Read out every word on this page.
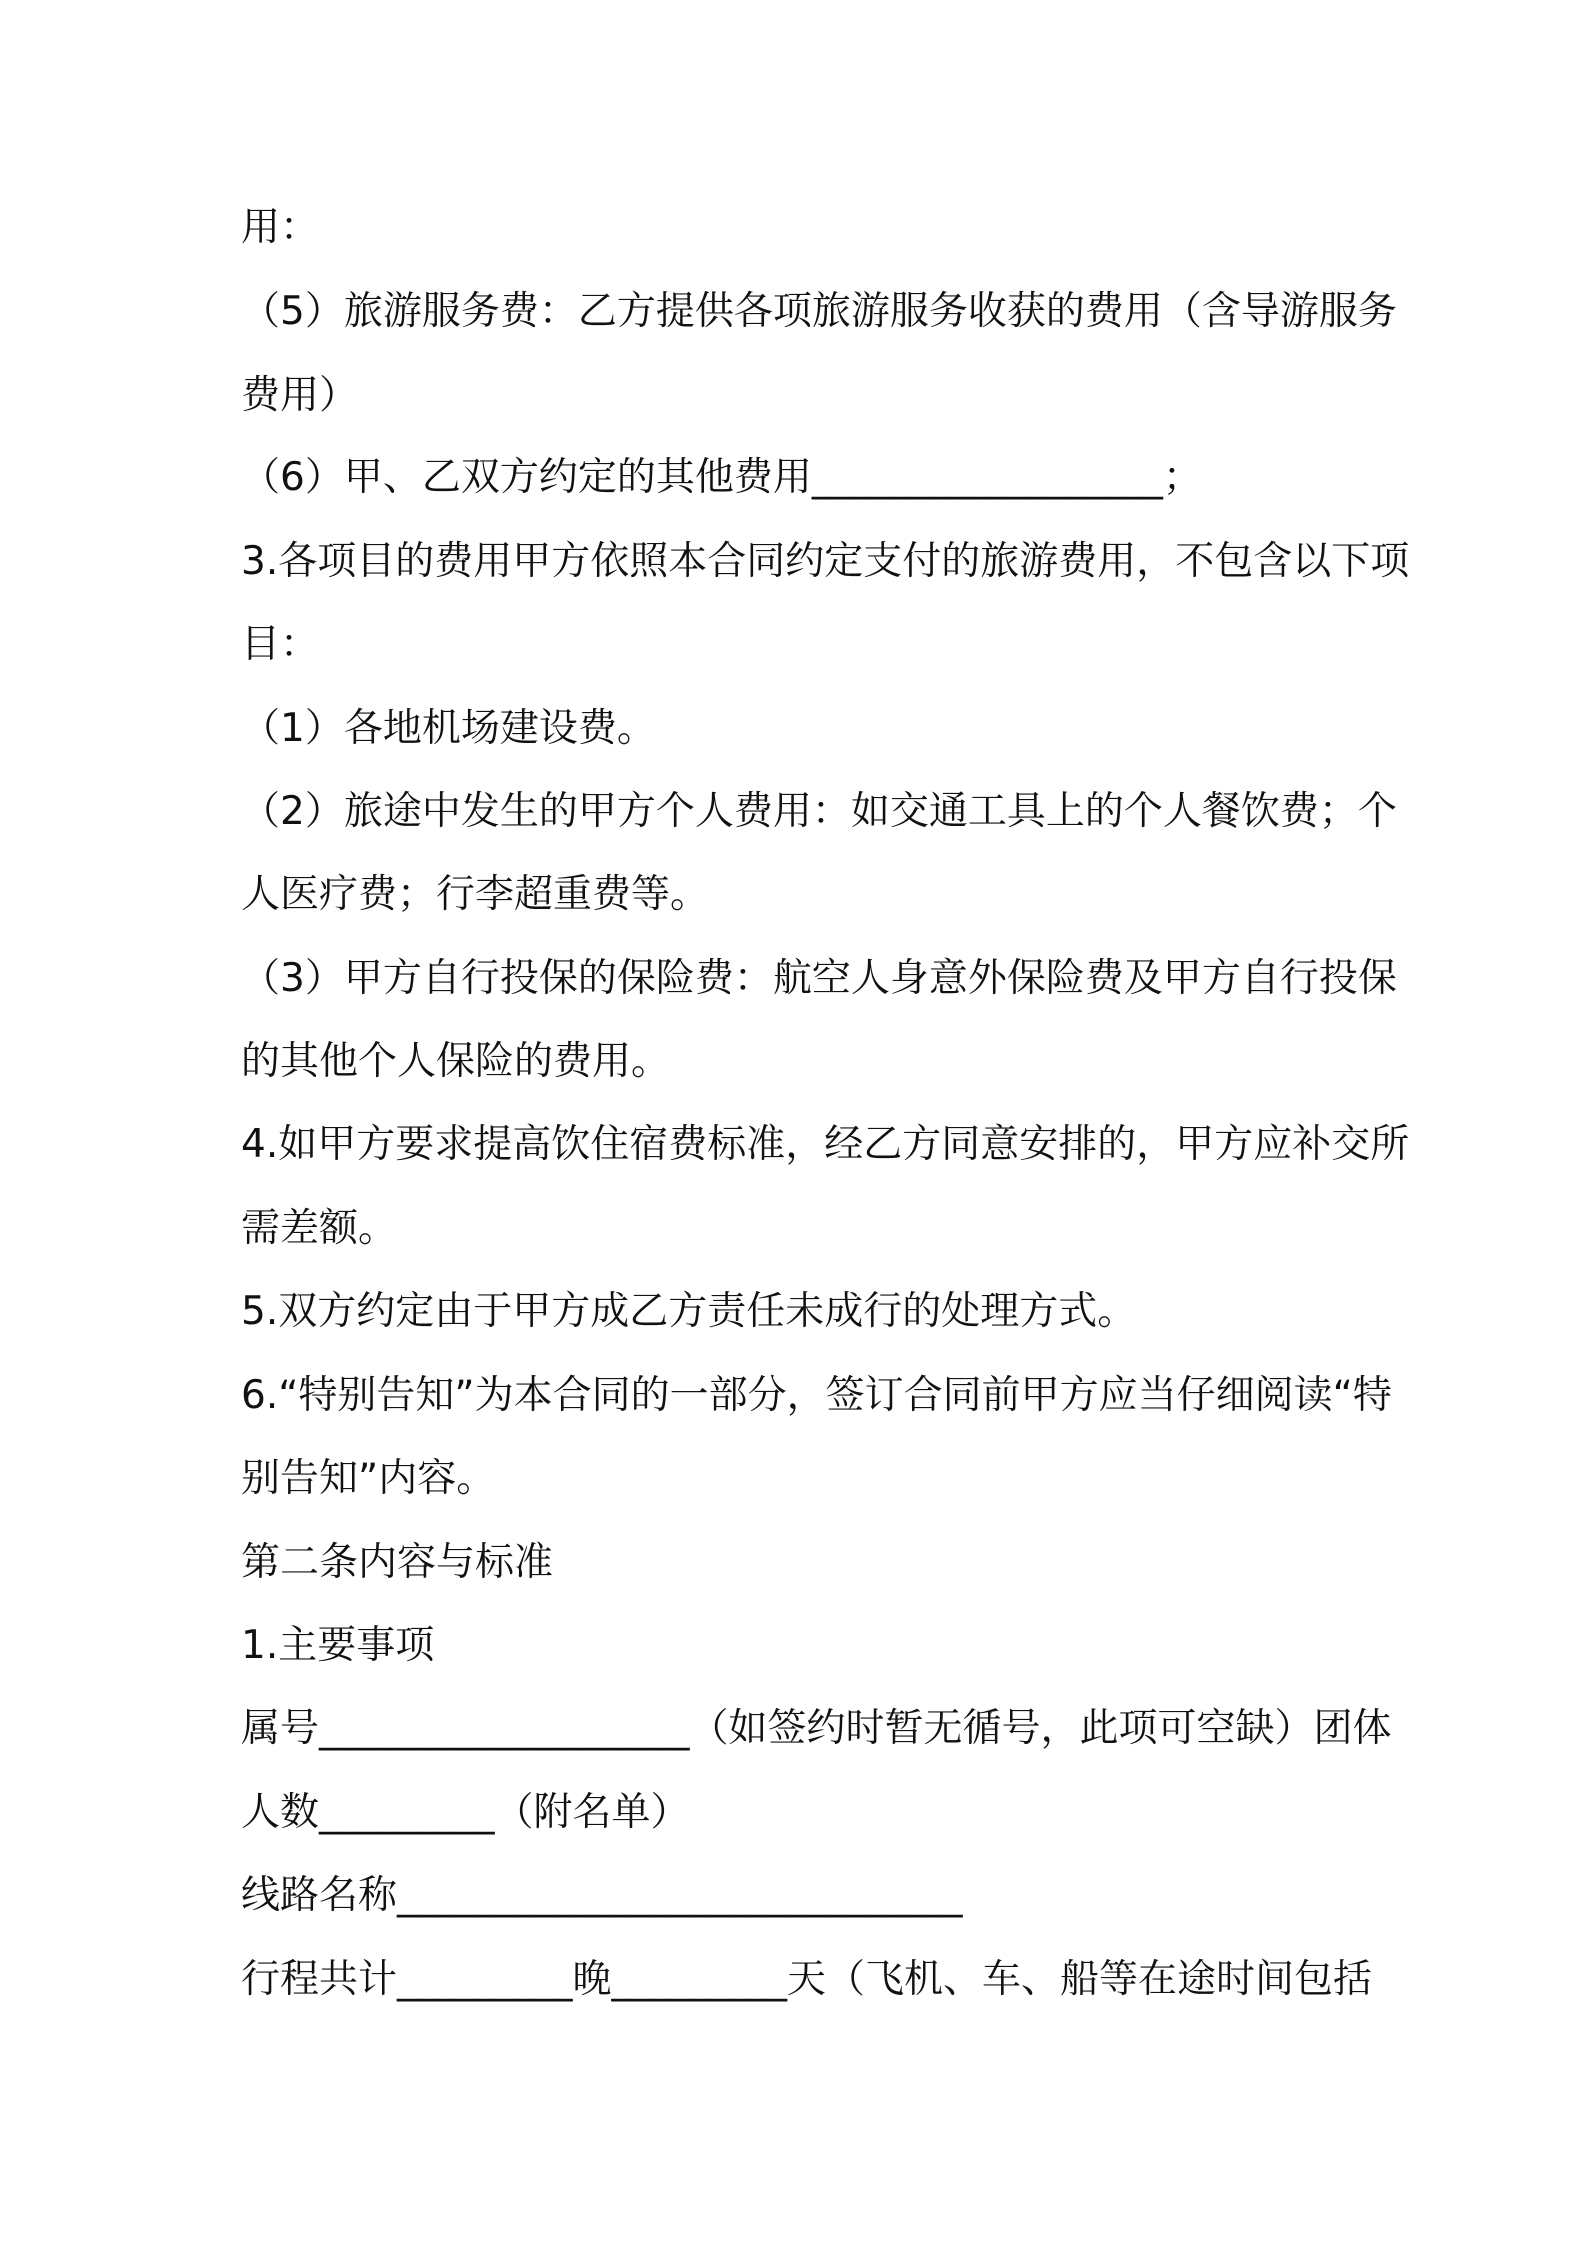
用：
（5）旅游服务费：乙方提供各项旅游服务收获的费用（含导游服务
费用）
（6）甲、乙双方约定的其他费用__________________；
3.各项目的费用甲方依照本合同约定支付的旅游费用，不包含以下项
目：
（1）各地机场建设费。
（2）旅途中发生的甲方个人费用：如交通工具上的个人餐饮费；个
人医疗费；行李超重费等。
（3）甲方自行投保的保险费：航空人身意外保险费及甲方自行投保
的其他个人保险的费用。
4.如甲方要求提高饮住宿费标准，经乙方同意安排的，甲方应补交所
需差额。
5.双方约定由于甲方成乙方责任未成行的处理方式。
6.“特别告知”为本合同的一部分，签订合同前甲方应当仔细阅读“特
别告知”内容。
第二条内容与标准
1.主要事项
属号___________________（如签约时暂无循号，此项可空缺）团体
人数_________（附名单）
线路名称_____________________________
行程共计_________晚_________天（飞机、车、船等在途时间包括
